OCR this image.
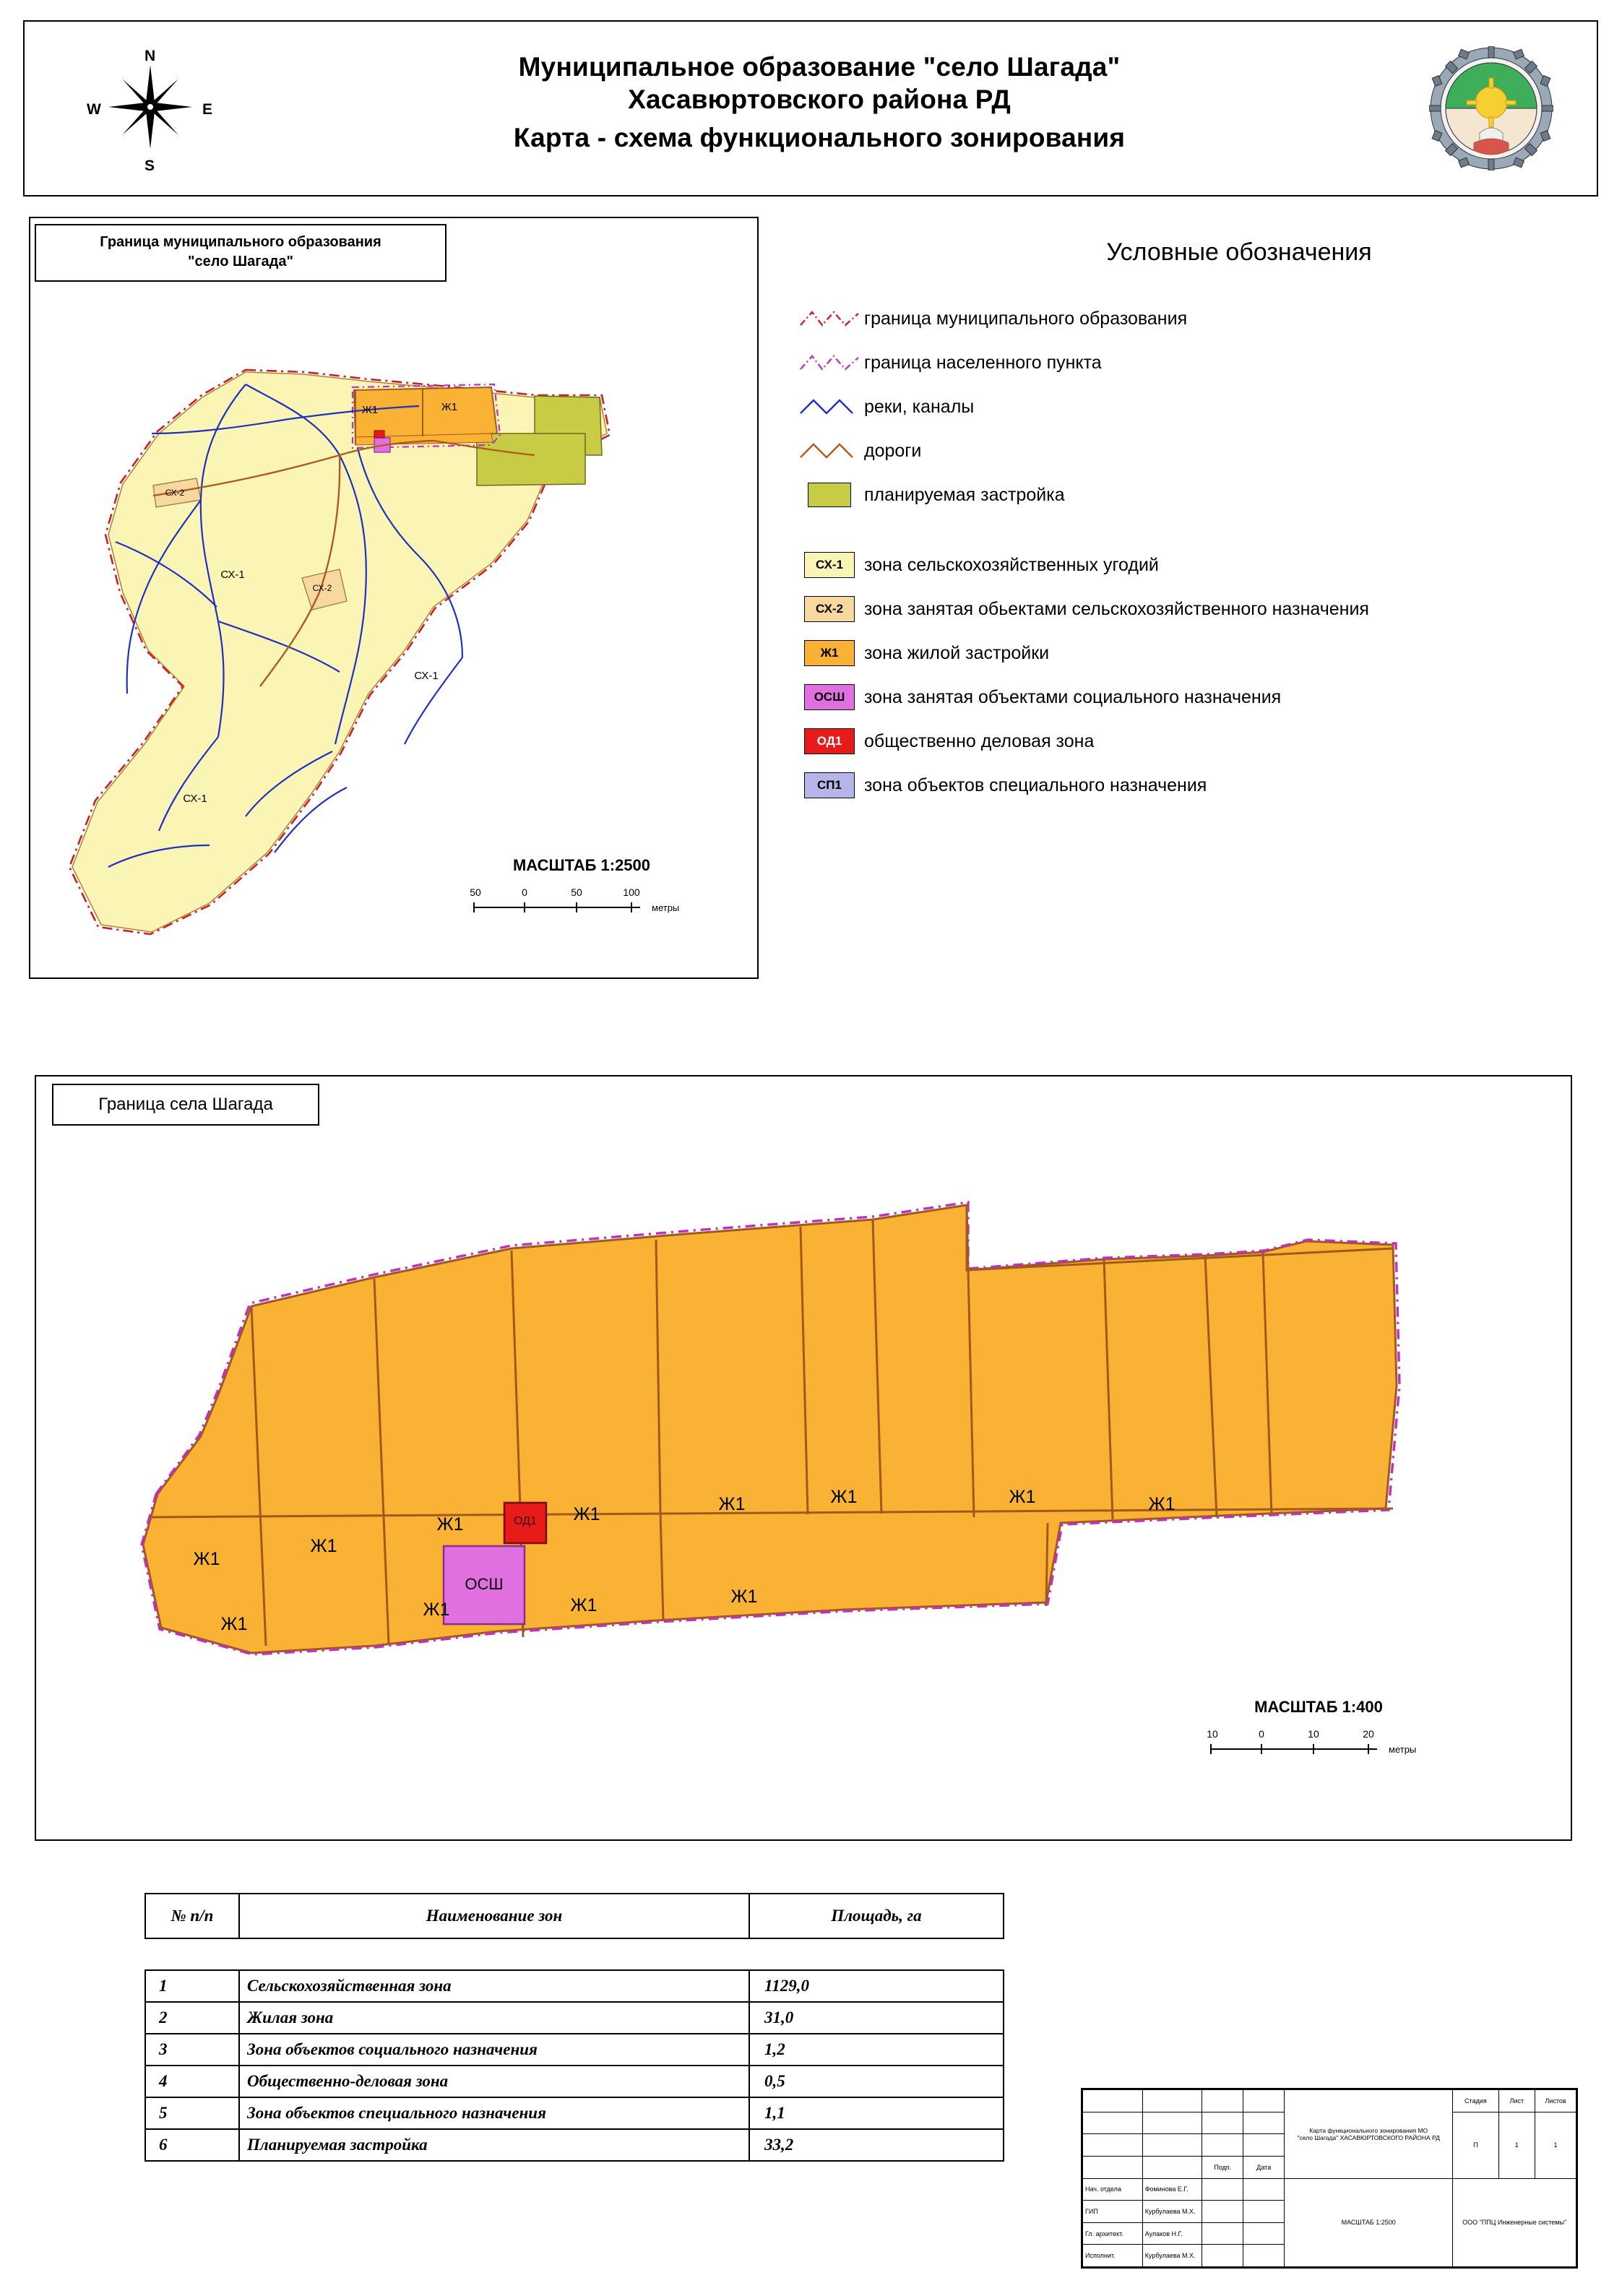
N
S
W	E
Муниципальное образование "село Шагада"
Хасавюртовского района РД
Карта - схема функционального зонирования
Ж1	Ж1
СХ-2
СХ-2
СХ-1
СХ-1
СХ-1
Граница муниципального образования
"село Шагада"
МАСШТАБ 1:2500
50	0	50	100
метры
Условные обозначения
граница муниципального образования
граница населенного пункта
реки, каналы
дороги
планируемая застройка
СХ-1	зона сельскохозяйственных угодий
СХ-2	зона занятая обьектами сельскохозяйственного назначения
Ж1	зона жилой застройки
ОСШ	зона занятая объектами социального назначения
ОД1	общественно деловая зона
СП1	зона объектов специального назначения
Ж1
Ж1
Ж1	Ж1	Ж1	Ж1	Ж1	Ж1
Ж1
Ж1	Ж1	Ж1
ОСШ
ОД1
Граница села Шагада
МАСШТАБ 1:400
10	0	10	20
метры
№ п/п	Наименование зон	Площадь, га

1	Сельскохозяйственная зона	1129,0
2	Жилая зона	31,0
3	Зона объектов социального назначения	1,2
4	Общественно-деловая зона	0,5
5	Зона объектов специального назначения	1,1
6	Планируемая застройка	33,2

				Карта функционального зонирования МО
"село Шагада" ХАСАВЮРТОВСКОГО РАЙОНА РД	Стадия	Лист	Листов
					П	1	1

		Подп.	Дата				
Нач. отдела	Фоминова Е.Г.			МАСШТАБ 1:2500	ООО "ППЦ Инженерные системы"		
ГИП	Курбулаева М.Х.						
Гл. архитект.	Аулаков Н.Г.						
Исполнит.	Курбулаева М.Х.						
